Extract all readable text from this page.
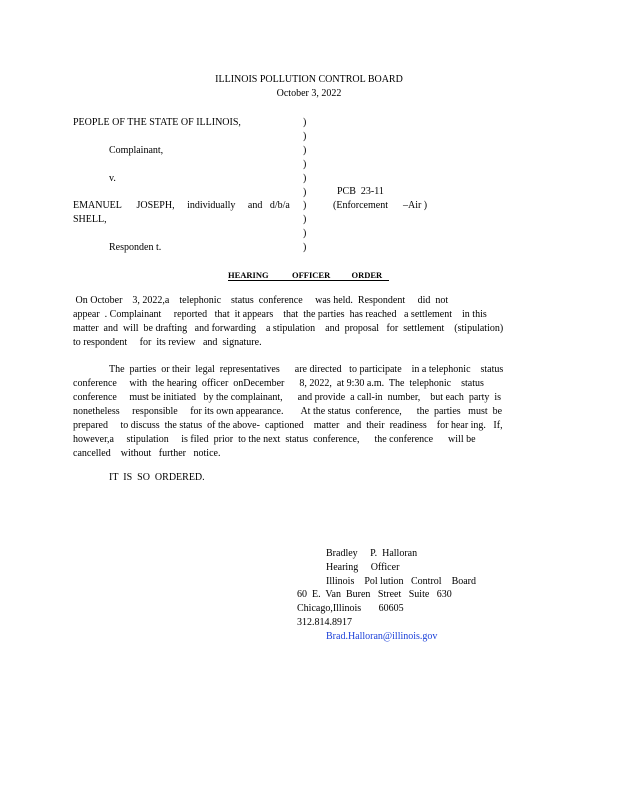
ILLINOIS POLLUTION CONTROL BOARD
October 3, 2022
PEOPLE OF THE STATE OF ILLINOIS,
Complainant,
v.
EMANUEL      JOSEPH,     individually     and   d/b/a
SHELL,
Responden t.
)
)
)
)
)
)
)
)
)
)
PCB  23-11
(Enforcement      –Air )
HEARING           OFFICER          ORDER
On October    3, 2022,a    telephonic    status  conference     was held.  Respondent     did  not
appear  . Complainant     reported   that  it appears    that  the parties  has reached   a settlement    in this
matter  and  will  be drafting   and forwarding    a stipulation    and  proposal   for  settlement    (stipulation)
to respondent     for  its review   and  signature.
The  parties  or their  legal  representatives      are directed   to participate    in a telephonic    status
conference     with  the hearing  officer  onDecember      8, 2022,  at 9:30 a.m.  The  telephonic    status
conference     must be initiated   by the complainant,      and provide  a call-in  number,    but each  party  is
nonetheless     responsible     for its own appearance.       At the status  conference,      the  parties   must  be
prepared     to discuss  the status  of the above-  captioned    matter   and  their  readiness    for hear ing.   If,
however,a     stipulation     is filed  prior  to the next  status  conference,      the conference      will be
cancelled    without   further   notice.
IT  IS  SO  ORDERED.
Bradley     P.  Halloran
Hearing     Officer
Illinois    Pol lution   Control    Board
60  E.  Van  Buren   Street   Suite   630
Chicago,Illinois       60605
312.814.8917
Brad.Halloran@illinois.gov
